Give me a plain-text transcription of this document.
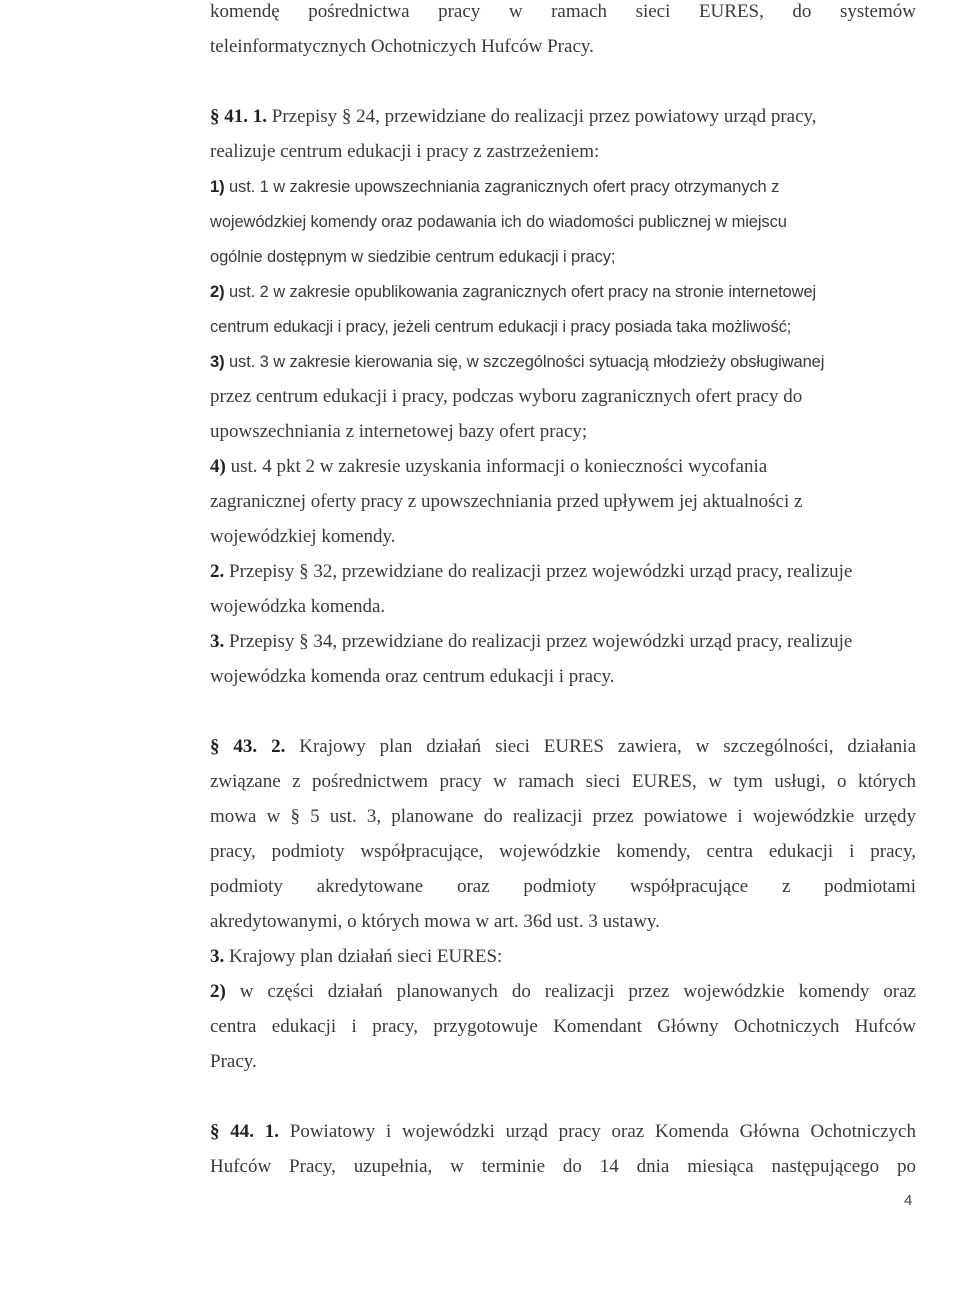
komendę pośrednictwa pracy w ramach sieci EURES, do systemów
teleinformatycznych Ochotniczych Hufców Pracy.
§ 41. 1. Przepisy § 24, przewidziane do realizacji przez powiatowy urząd pracy,
realizuje centrum edukacji i pracy z zastrzeżeniem:
1) ust. 1 w zakresie upowszechniania zagranicznych ofert pracy otrzymanych z
wojewódzkiej komendy oraz podawania ich do wiadomości publicznej w miejscu
ogólnie dostępnym w siedzibie centrum edukacji i pracy;
2) ust. 2 w zakresie opublikowania zagranicznych ofert pracy na stronie internetowej
centrum edukacji i pracy, jeżeli centrum edukacji i pracy posiada taka możliwość;
3) ust. 3 w zakresie kierowania się, w szczególności sytuacją młodzieży obsługiwanej
przez centrum edukacji i pracy, podczas wyboru zagranicznych ofert pracy do
upowszechniania z internetowej bazy ofert pracy;
4) ust. 4 pkt 2 w zakresie uzyskania informacji o konieczności wycofania
zagranicznej oferty pracy z upowszechniania przed upływem jej aktualności z
wojewódzkiej komendy.
2. Przepisy § 32, przewidziane do realizacji przez wojewódzki urząd pracy, realizuje
wojewódzka komenda.
3. Przepisy § 34, przewidziane do realizacji przez wojewódzki urząd pracy, realizuje
wojewódzka komenda oraz centrum edukacji i pracy.
§ 43. 2. Krajowy plan działań sieci EURES zawiera, w szczególności, działania
związane z pośrednictwem pracy w ramach sieci EURES, w tym usługi, o których
mowa w § 5 ust. 3, planowane do realizacji przez powiatowe i wojewódzkie urzędy
pracy, podmioty współpracujące, wojewódzkie komendy, centra edukacji i pracy,
podmioty akredytowane oraz podmioty współpracujące z podmiotami
akredytowanymi, o których mowa w art. 36d ust. 3 ustawy.
3. Krajowy plan działań sieci EURES:
2) w części działań planowanych do realizacji przez wojewódzkie komendy oraz
centra edukacji i pracy, przygotowuje Komendant Główny Ochotniczych Hufców
Pracy.
§ 44. 1. Powiatowy i wojewódzki urząd pracy oraz Komenda Główna Ochotniczych
Hufców Pracy, uzupełnia, w terminie do 14 dnia miesiąca następującego po
4
